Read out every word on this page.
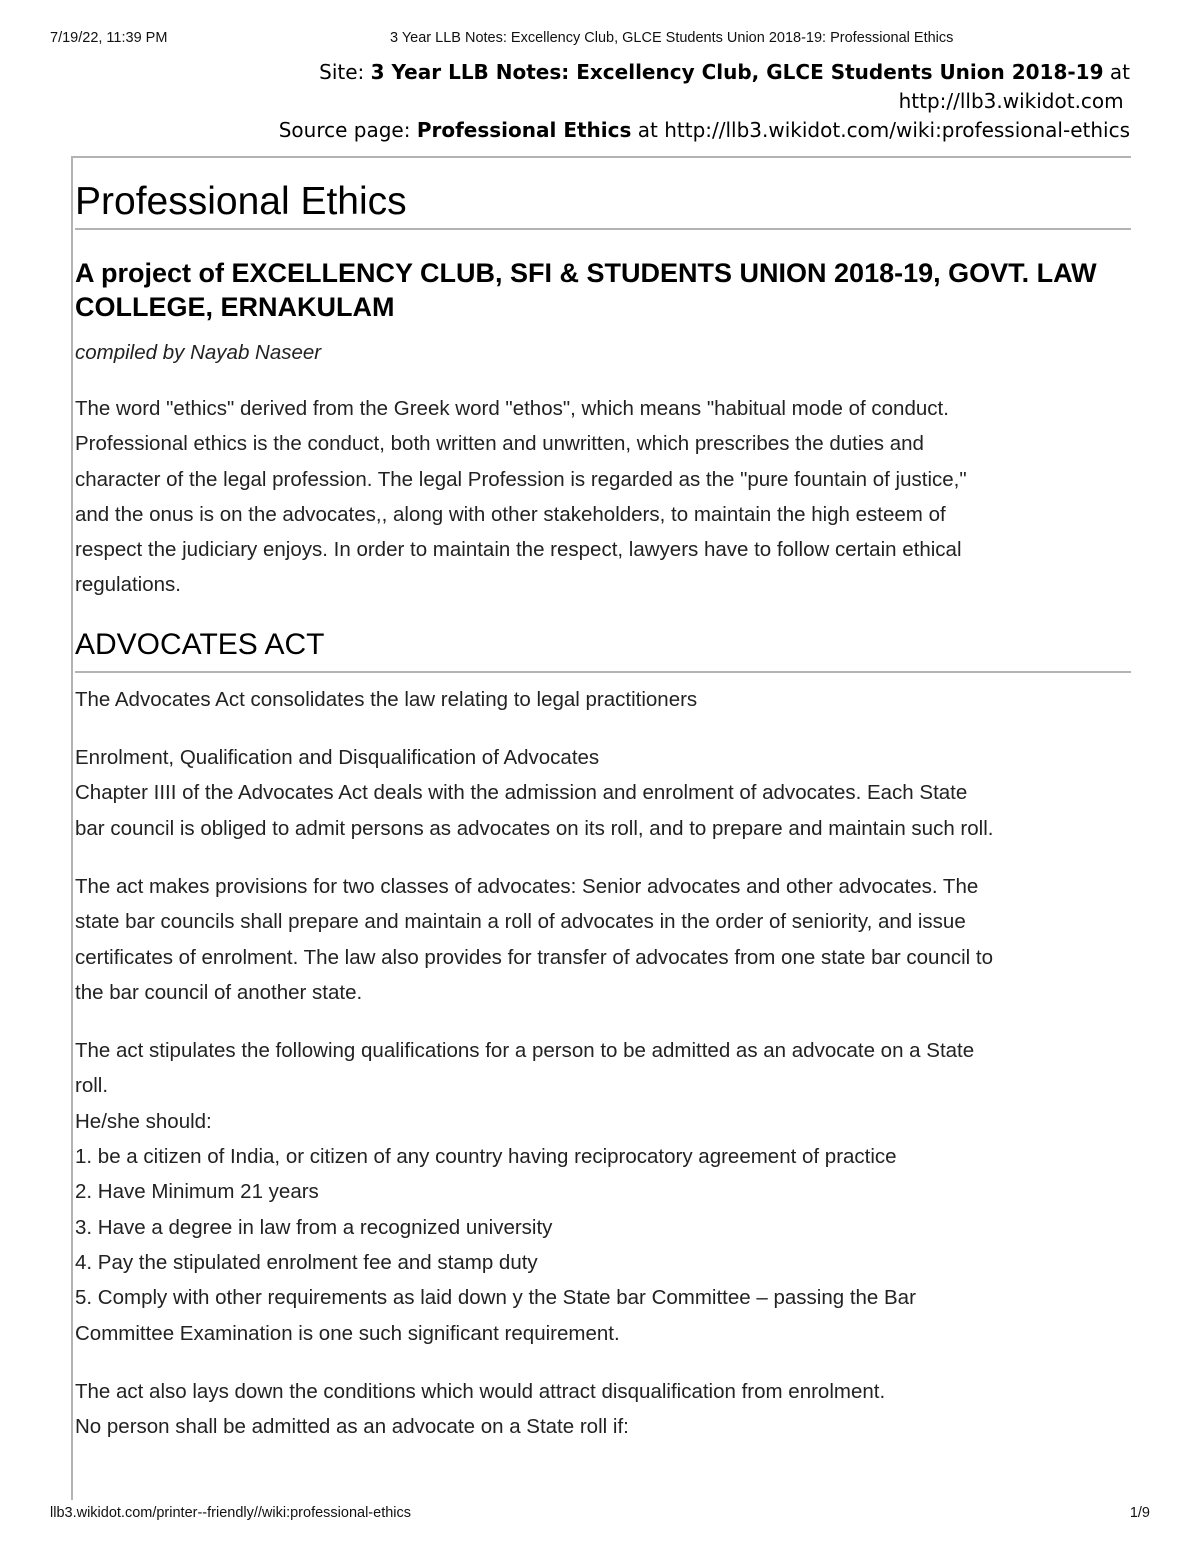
7/19/22, 11:39 PM	3 Year LLB Notes: Excellency Club, GLCE Students Union 2018-19: Professional Ethics
Site: 3 Year LLB Notes: Excellency Club, GLCE Students Union 2018-19 at
http://llb3.wikidot.com
Source page: Professional Ethics at http://llb3.wikidot.com/wiki:professional-ethics
Professional Ethics
A project of EXCELLENCY CLUB, SFI & STUDENTS UNION 2018-19, GOVT. LAW COLLEGE, ERNAKULAM
compiled by Nayab Naseer
The word "ethics" derived from the Greek word "ethos", which means "habitual mode of conduct.
Professional ethics is the conduct, both written and unwritten, which prescribes the duties and
character of the legal profession. The legal Profession is regarded as the "pure fountain of justice,"
and the onus is on the advocates,, along with other stakeholders, to maintain the high esteem of
respect the judiciary enjoys. In order to maintain the respect, lawyers have to follow certain ethical
regulations.
ADVOCATES ACT
The Advocates Act consolidates the law relating to legal practitioners
Enrolment, Qualification and Disqualification of Advocates
Chapter IIII of the Advocates Act deals with the admission and enrolment of advocates. Each State
bar council is obliged to admit persons as advocates on its roll, and to prepare and maintain such roll.
The act makes provisions for two classes of advocates: Senior advocates and other advocates. The
state bar councils shall prepare and maintain a roll of advocates in the order of seniority, and issue
certificates of enrolment. The law also provides for transfer of advocates from one state bar council to
the bar council of another state.
The act stipulates the following qualifications for a person to be admitted as an advocate on a State
roll.
He/she should:
1. be a citizen of India, or citizen of any country having reciprocatory agreement of practice
2. Have Minimum 21 years
3. Have a degree in law from a recognized university
4. Pay the stipulated enrolment fee and stamp duty
5. Comply with other requirements as laid down y the State bar Committee – passing the Bar
Committee Examination is one such significant requirement.
The act also lays down the conditions which would attract disqualification from enrolment.
No person shall be admitted as an advocate on a State roll if:
llb3.wikidot.com/printer--friendly//wiki:professional-ethics	1/9
